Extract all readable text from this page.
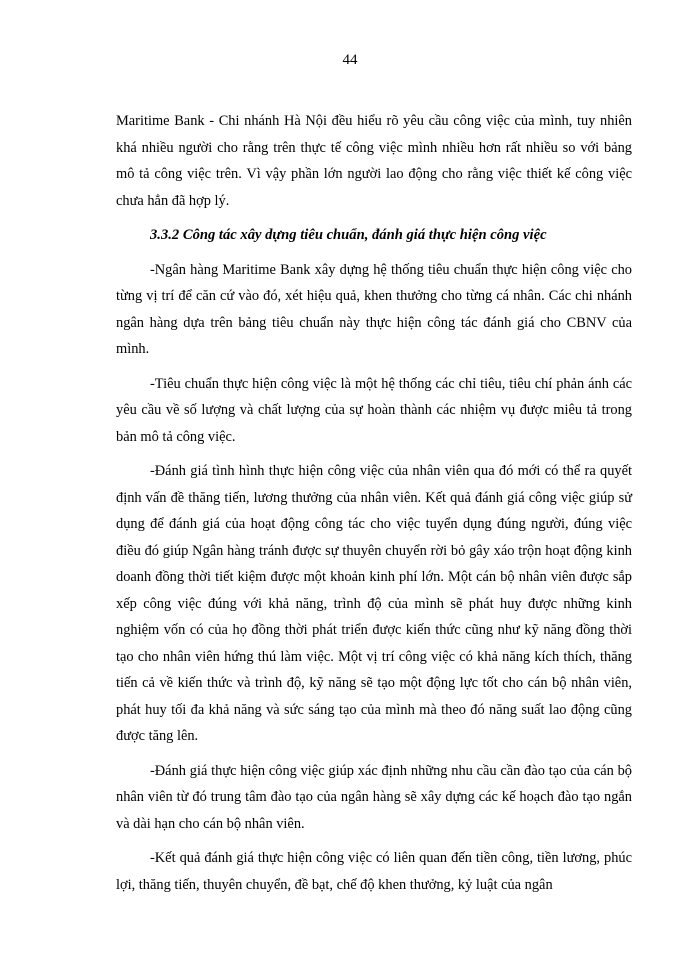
44

Maritime Bank - Chi nhánh Hà Nội đều hiểu rõ yêu cầu công việc của mình, tuy nhiên khá nhiều người cho rằng trên thực tế công việc mình nhiều hơn rất nhiều so với bảng mô tả công việc trên. Vì vậy phần lớn người lao động cho rằng việc thiết kế công việc chưa hẳn đã hợp lý.

3.3.2 Công tác xây dựng tiêu chuẩn, đánh giá thực hiện công việc

-Ngân hàng Maritime Bank xây dựng hệ thống tiêu chuẩn thực hiện công việc cho từng vị trí để căn cứ vào đó, xét hiệu quả, khen thưởng cho từng cá nhân. Các chi nhánh ngân hàng dựa trên bảng tiêu chuẩn này thực hiện công tác đánh giá cho CBNV của mình.

-Tiêu chuẩn thực hiện công việc là một hệ thống các chỉ tiêu, tiêu chí phản ánh các yêu cầu về số lượng và chất lượng của sự hoàn thành các nhiệm vụ được miêu tả trong bản mô tả công việc.

-Đánh giá tình hình thực hiện công việc của nhân viên qua đó mới có thể ra quyết định vấn đề thăng tiến, lương thưởng của nhân viên. Kết quả đánh giá công việc giúp sử dụng để đánh giá của hoạt động công tác cho việc tuyển dụng đúng người, đúng việc điều đó giúp Ngân hàng tránh được sự thuyên chuyển rời bỏ gây xáo trộn hoạt động kinh doanh đồng thời tiết kiệm được một khoản kinh phí lớn. Một cán bộ nhân viên được sắp xếp công việc đúng với khả năng, trình độ của mình sẽ phát huy được những kinh nghiệm vốn có của họ đồng thời phát triển được kiến thức cũng như kỹ năng đồng thời tạo cho nhân viên hứng thú làm việc. Một vị trí công việc có khả năng kích thích, thăng tiến cả về kiến thức và trình độ, kỹ năng sẽ tạo một động lực tốt cho cán bộ nhân viên, phát huy tối đa khả năng và sức sáng tạo của mình mà theo đó năng suất lao động cũng được tăng lên.

-Đánh giá thực hiện công việc giúp xác định những nhu cầu cần đào tạo của cán bộ nhân viên từ đó trung tâm đào tạo của ngân hàng sẽ xây dựng các kế hoạch đào tạo ngắn và dài hạn cho cán bộ nhân viên.

-Kết quả đánh giá thực hiện công việc có liên quan đến tiền công, tiền lương, phúc lợi, thăng tiến, thuyên chuyển, đề bạt, chế độ khen thưởng, kỷ luật của ngân
